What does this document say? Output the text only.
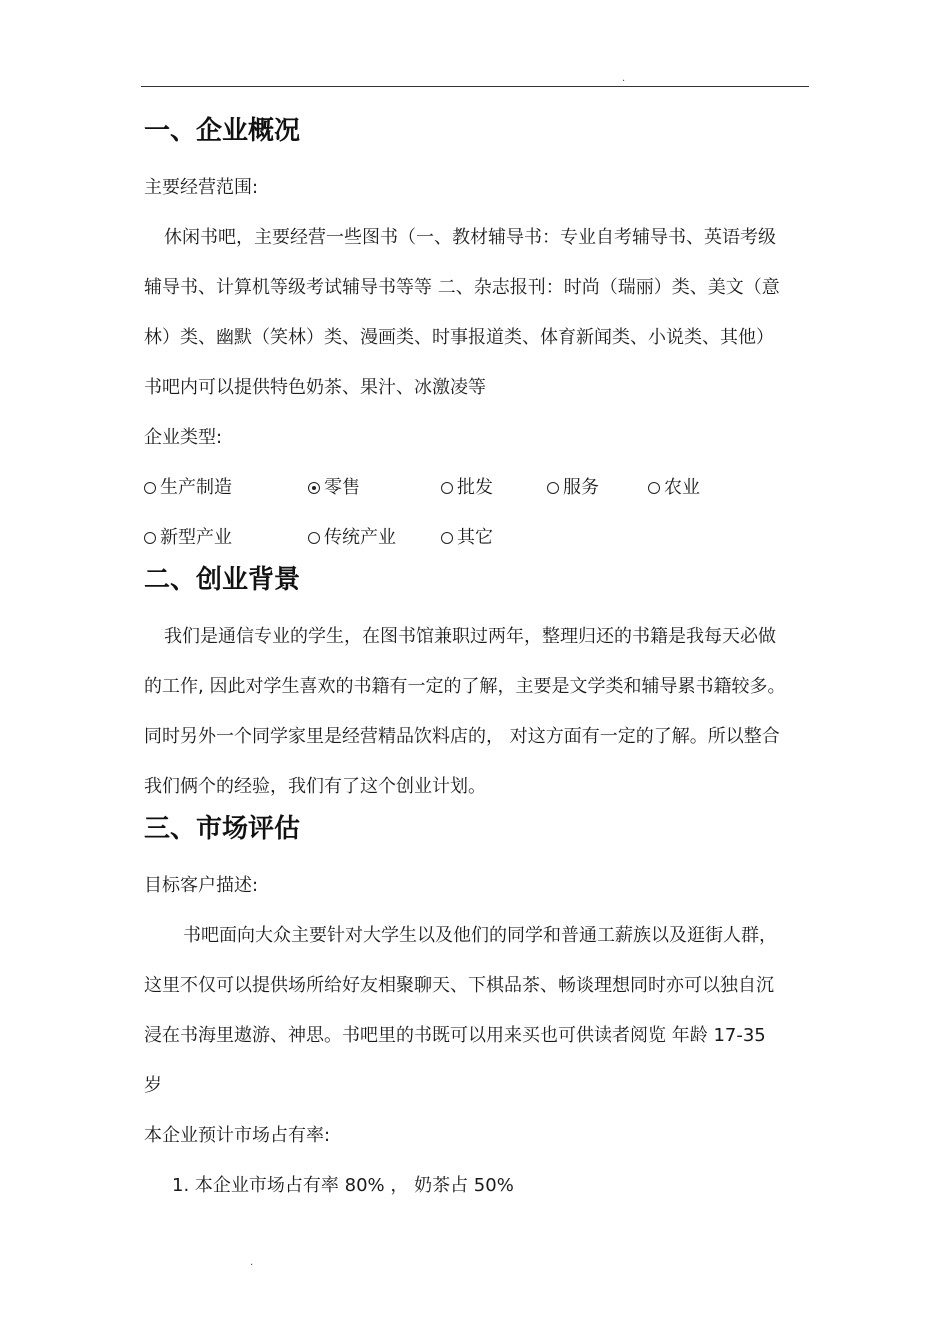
.
一、企业概况
主要经营范围:
休闲书吧，主要经营一些图书（一、教材辅导书：专业自考辅导书、英语考级
辅导书、计算机等级考试辅导书等等 二、杂志报刊：时尚（瑞丽）类、美文（意
林）类、幽默（笑林）类、漫画类、时事报道类、体育新闻类、小说类、其他）
书吧内可以提供特色奶茶、果汁、冰激凌等
企业类型:
生产制造	零售	批发	服务	农业
新型产业	传统产业	其它
二、创业背景
我们是通信专业的学生，在图书馆兼职过两年，整理归还的书籍是我每天必做
的工作, 因此对学生喜欢的书籍有一定的了解，主要是文学类和辅导累书籍较多。
同时另外一个同学家里是经营精品饮料店的， 对这方面有一定的了解。所以整合
我们俩个的经验，我们有了这个创业计划。
三、市场评估
目标客户描述:
书吧面向大众主要针对大学生以及他们的同学和普通工薪族以及逛街人群，
这里不仅可以提供场所给好友相聚聊天、下棋品茶、畅谈理想同时亦可以独自沉
浸在书海里遨游、神思。书吧里的书既可以用来买也可供读者阅览 年龄 17-35
岁
本企业预计市场占有率:
1. 本企业市场占有率 80% ， 奶茶占 50%
.
